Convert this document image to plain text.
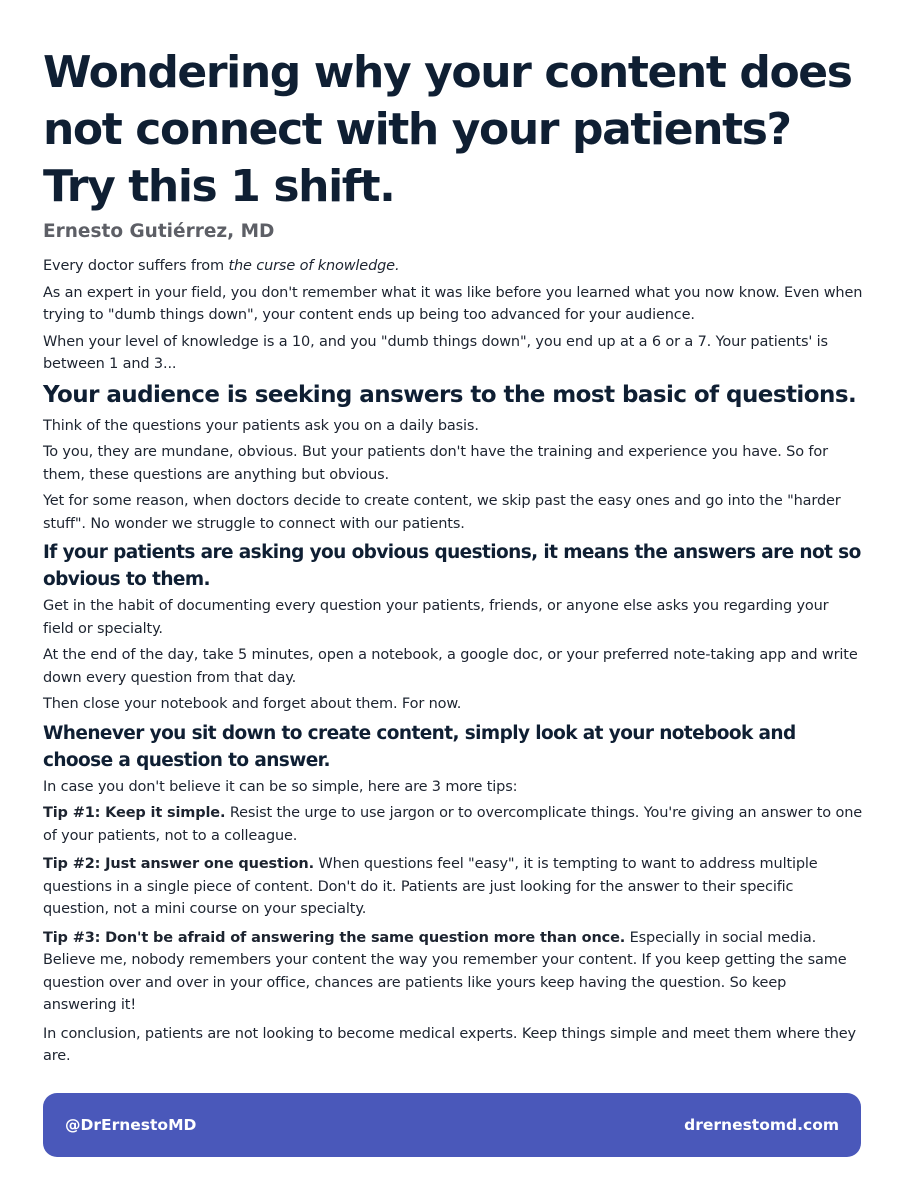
Wondering why your content does not connect with your patients? Try this 1 shift.
Ernesto Gutiérrez, MD

Every doctor suffers from the curse of knowledge.

As an expert in your field, you don't remember what it was like before you learned what you now know. Even when trying to "dumb things down", your content ends up being too advanced for your audience.

When your level of knowledge is a 10, and you "dumb things down", you end up at a 6 or a 7. Your patients' is between 1 and 3...

Your audience is seeking answers to the most basic of questions.

Think of the questions your patients ask you on a daily basis.

To you, they are mundane, obvious. But your patients don't have the training and experience you have. So for them, these questions are anything but obvious.

Yet for some reason, when doctors decide to create content, we skip past the easy ones and go into the "harder stuff". No wonder we struggle to connect with our patients.

If your patients are asking you obvious questions, it means the answers are not so obvious to them.

Get in the habit of documenting every question your patients, friends, or anyone else asks you regarding your field or specialty.

At the end of the day, take 5 minutes, open a notebook, a google doc, or your preferred note-taking app and write down every question from that day.

Then close your notebook and forget about them. For now.

Whenever you sit down to create content, simply look at your notebook and choose a question to answer.

In case you don't believe it can be so simple, here are 3 more tips:

Tip #1: Keep it simple. Resist the urge to use jargon or to overcomplicate things. You're giving an answer to one of your patients, not to a colleague.

Tip #2: Just answer one question. When questions feel "easy", it is tempting to want to address multiple questions in a single piece of content. Don't do it. Patients are just looking for the answer to their specific question, not a mini course on your specialty.

Tip #3: Don't be afraid of answering the same question more than once. Especially in social media. Believe me, nobody remembers your content the way you remember your content. If you keep getting the same question over and over in your office, chances are patients like yours keep having the question. So keep answering it!

In conclusion, patients are not looking to become medical experts. Keep things simple and meet them where they are.

@DrErnestoMD	drernestomd.com
